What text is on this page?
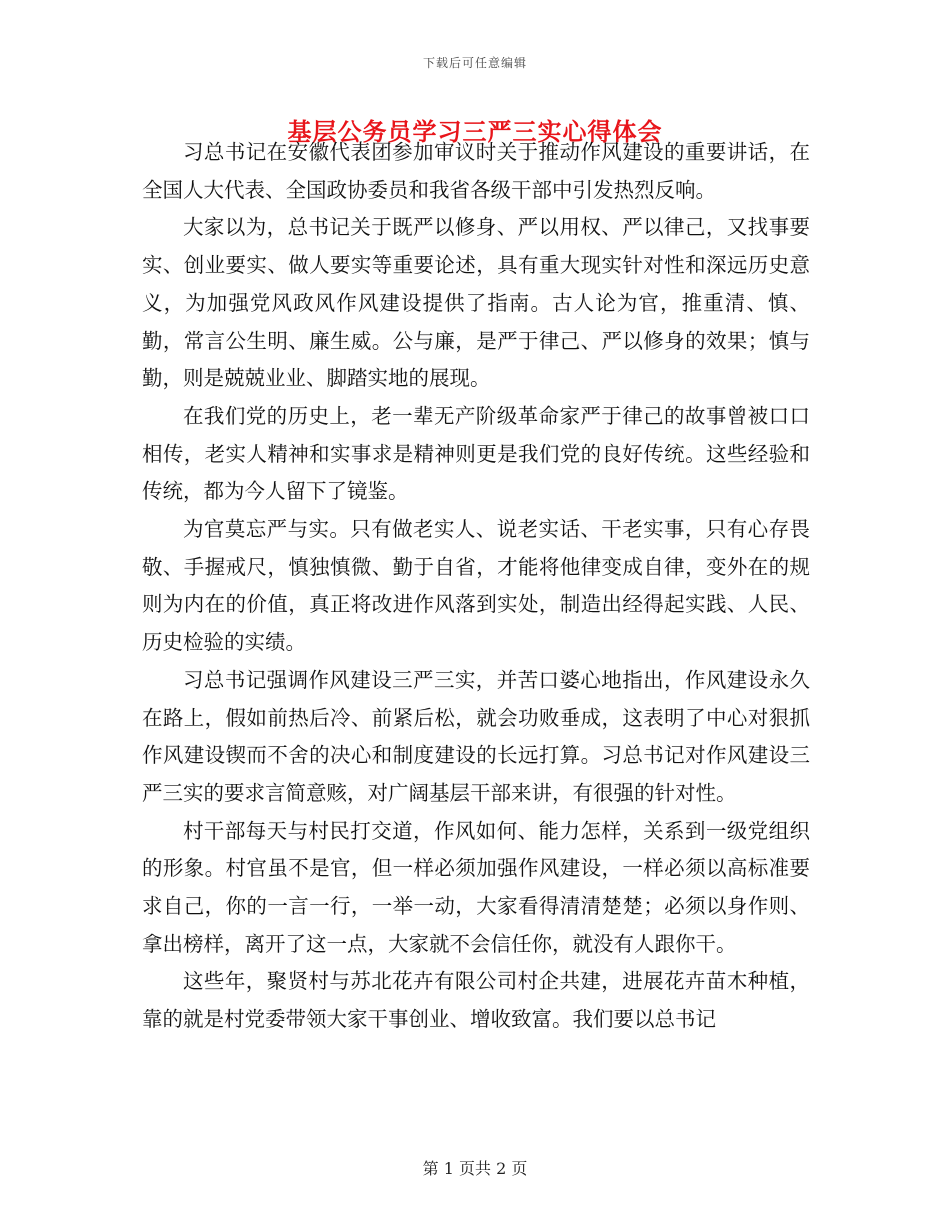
下载后可任意编辑
基层公务员学习三严三实心得体会

习总书记在安徽代表团参加审议时关于推动作风建设的重要讲话，在全国人大代表、全国政协委员和我省各级干部中引发热烈反响。

大家以为，总书记关于既严以修身、严以用权、严以律己，又找事要实、创业要实、做人要实等重要论述，具有重大现实针对性和深远历史意义，为加强党风政风作风建设提供了指南。古人论为官，推重清、慎、勤，常言公生明、廉生威。公与廉，是严于律己、严以修身的效果；慎与勤，则是兢兢业业、脚踏实地的展现。

在我们党的历史上，老一辈无产阶级革命家严于律己的故事曾被口口相传，老实人精神和实事求是精神则更是我们党的良好传统。这些经验和传统，都为今人留下了镜鉴。

为官莫忘严与实。只有做老实人、说老实话、干老实事，只有心存畏敬、手握戒尺，慎独慎微、勤于自省，才能将他律变成自律，变外在的规则为内在的价值，真正将改进作风落到实处，制造出经得起实践、人民、历史检验的实绩。

习总书记强调作风建设三严三实，并苦口婆心地指出，作风建设永久在路上，假如前热后冷、前紧后松，就会功败垂成，这表明了中心对狠抓作风建设锲而不舍的决心和制度建设的长远打算。习总书记对作风建设三严三实的要求言简意赅，对广阔基层干部来讲，有很强的针对性。

村干部每天与村民打交道，作风如何、能力怎样，关系到一级党组织的形象。村官虽不是官，但一样必须加强作风建设，一样必须以高标准要求自己，你的一言一行，一举一动，大家看得清清楚楚；必须以身作则、拿出榜样，离开了这一点，大家就不会信任你，就没有人跟你干。

这些年，聚贤村与苏北花卉有限公司村企共建，进展花卉苗木种植，靠的就是村党委带领大家干事创业、增收致富。我们要以总书记

第 1 页共 2 页
